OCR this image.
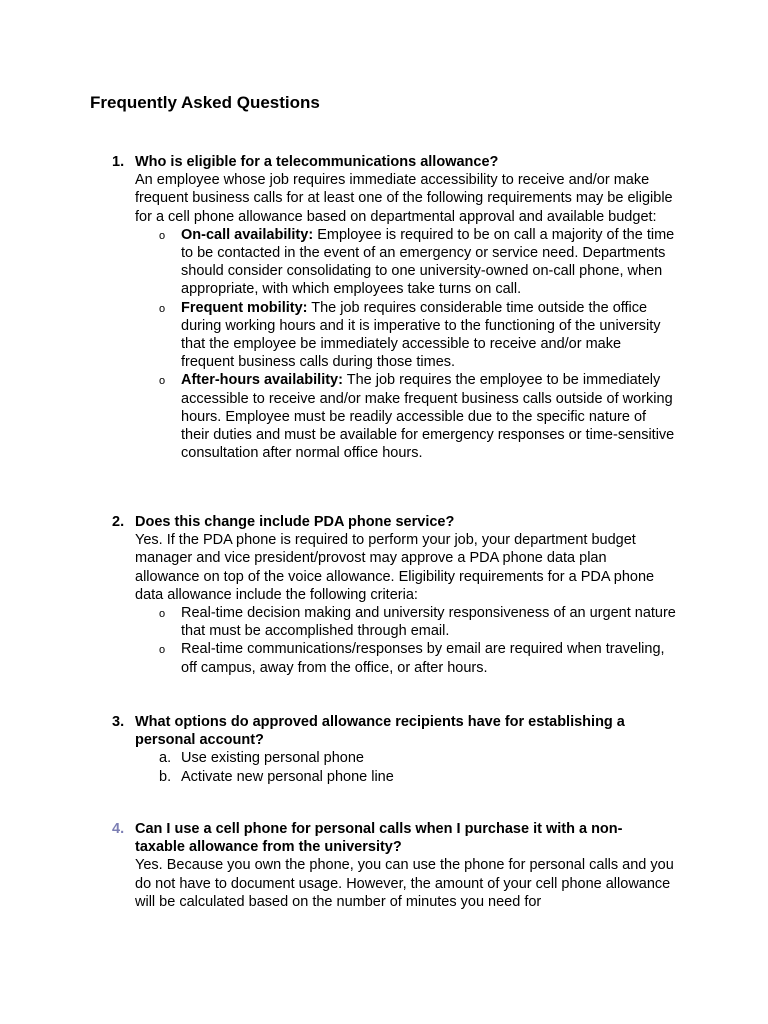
Frequently Asked Questions
1. Who is eligible for a telecommunications allowance?

An employee whose job requires immediate accessibility to receive and/or make frequent business calls for at least one of the following requirements may be eligible for a cell phone allowance based on departmental approval and available budget:

o On-call availability: Employee is required to be on call a majority of the time to be contacted in the event of an emergency or service need. Departments should consider consolidating to one university-owned on-call phone, when appropriate, with which employees take turns on call.
o Frequent mobility: The job requires considerable time outside the office during working hours and it is imperative to the functioning of the university that the employee be immediately accessible to receive and/or make frequent business calls during those times.
o After-hours availability: The job requires the employee to be immediately accessible to receive and/or make frequent business calls outside of working hours. Employee must be readily accessible due to the specific nature of their duties and must be available for emergency responses or time-sensitive consultation after normal office hours.
2. Does this change include PDA phone service?

Yes. If the PDA phone is required to perform your job, your department budget manager and vice president/provost may approve a PDA phone data plan allowance on top of the voice allowance. Eligibility requirements for a PDA phone data allowance include the following criteria:

o Real-time decision making and university responsiveness of an urgent nature that must be accomplished through email.
o Real-time communications/responses by email are required when traveling, off campus, away from the office, or after hours.
3. What options do approved allowance recipients have for establishing a personal account?

a. Use existing personal phone
b. Activate new personal phone line
4. Can I use a cell phone for personal calls when I purchase it with a non-taxable allowance from the university?

Yes. Because you own the phone, you can use the phone for personal calls and you do not have to document usage. However, the amount of your cell phone allowance will be calculated based on the number of minutes you need for
